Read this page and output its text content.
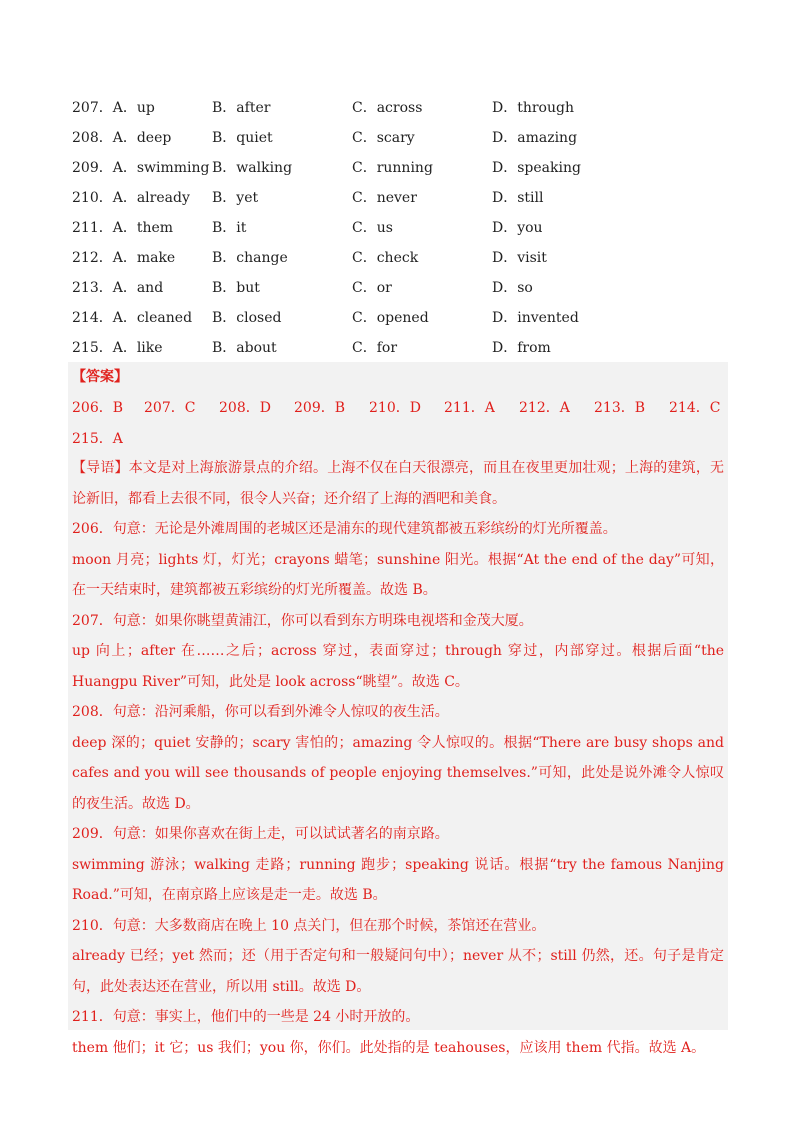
207．A．up	B．after	C．across	D．through
208．A．deep	B．quiet	C．scary	D．amazing
209．A．swimming B．walking	C．running	D．speaking
210．A．already B．yet	C．never	D．still
211．A．them	B．it	C．us	D．you
212．A．make	B．change	C．check	D．visit
213．A．and	B．but	C．or	D．so
214．A．cleaned B．closed	C．opened	D．invented
215．A．like	B．about	C．for	D．from
【答案】
206．B 207．C 208．D 209．B 210．D 211．A 212．A 213．B 214．C
215．A

【导语】本文是对上海旅游景点的介绍。上海不仅在白天很漂亮，而且在夜里更加壮观；上海的建筑，无论新旧，都看上去很不同，很令人兴奋；还介绍了上海的酒吧和美食。

206．句意：无论是外滩周围的老城区还是浦东的现代建筑都被五彩缤纷的灯光所覆盖。

moon 月亮；lights 灯，灯光；crayons 蜡笔；sunshine 阳光。根据“At the end of the day”可知，在一天结束时，建筑都被五彩缤纷的灯光所覆盖。故选 B。

207．句意：如果你眺望黄浦江，你可以看到东方明珠电视塔和金茂大厦。

up 向上；after 在……之后；across 穿过，表面穿过；through 穿过，内部穿过。根据后面“the Huangpu River”可知，此处是 look across“眺望”。故选 C。

208．句意：沿河乘船，你可以看到外滩令人惊叹的夜生活。

deep 深的；quiet 安静的；scary 害怕的；amazing 令人惊叹的。根据“There are busy shops and cafes and you will see thousands of people enjoying themselves.”可知，此处是说外滩令人惊叹的夜生活。故选 D。

209．句意：如果你喜欢在街上走，可以试试著名的南京路。

swimming 游泳；walking 走路；running 跑步；speaking 说话。根据“try the famous Nanjing Road.”可知，在南京路上应该是走一走。故选 B。

210．句意：大多数商店在晚上 10 点关门，但在那个时候，茶馆还在营业。

already 已经；yet 然而；还（用于否定句和一般疑问句中）；never 从不；still 仍然，还。句子是肯定句，此处表达还在营业，所以用 still。故选 D。

211．句意：事实上，他们中的一些是 24 小时开放的。

them 他们；it 它；us 我们；you 你，你们。此处指的是 teahouses，应该用 them 代指。故选 A。
